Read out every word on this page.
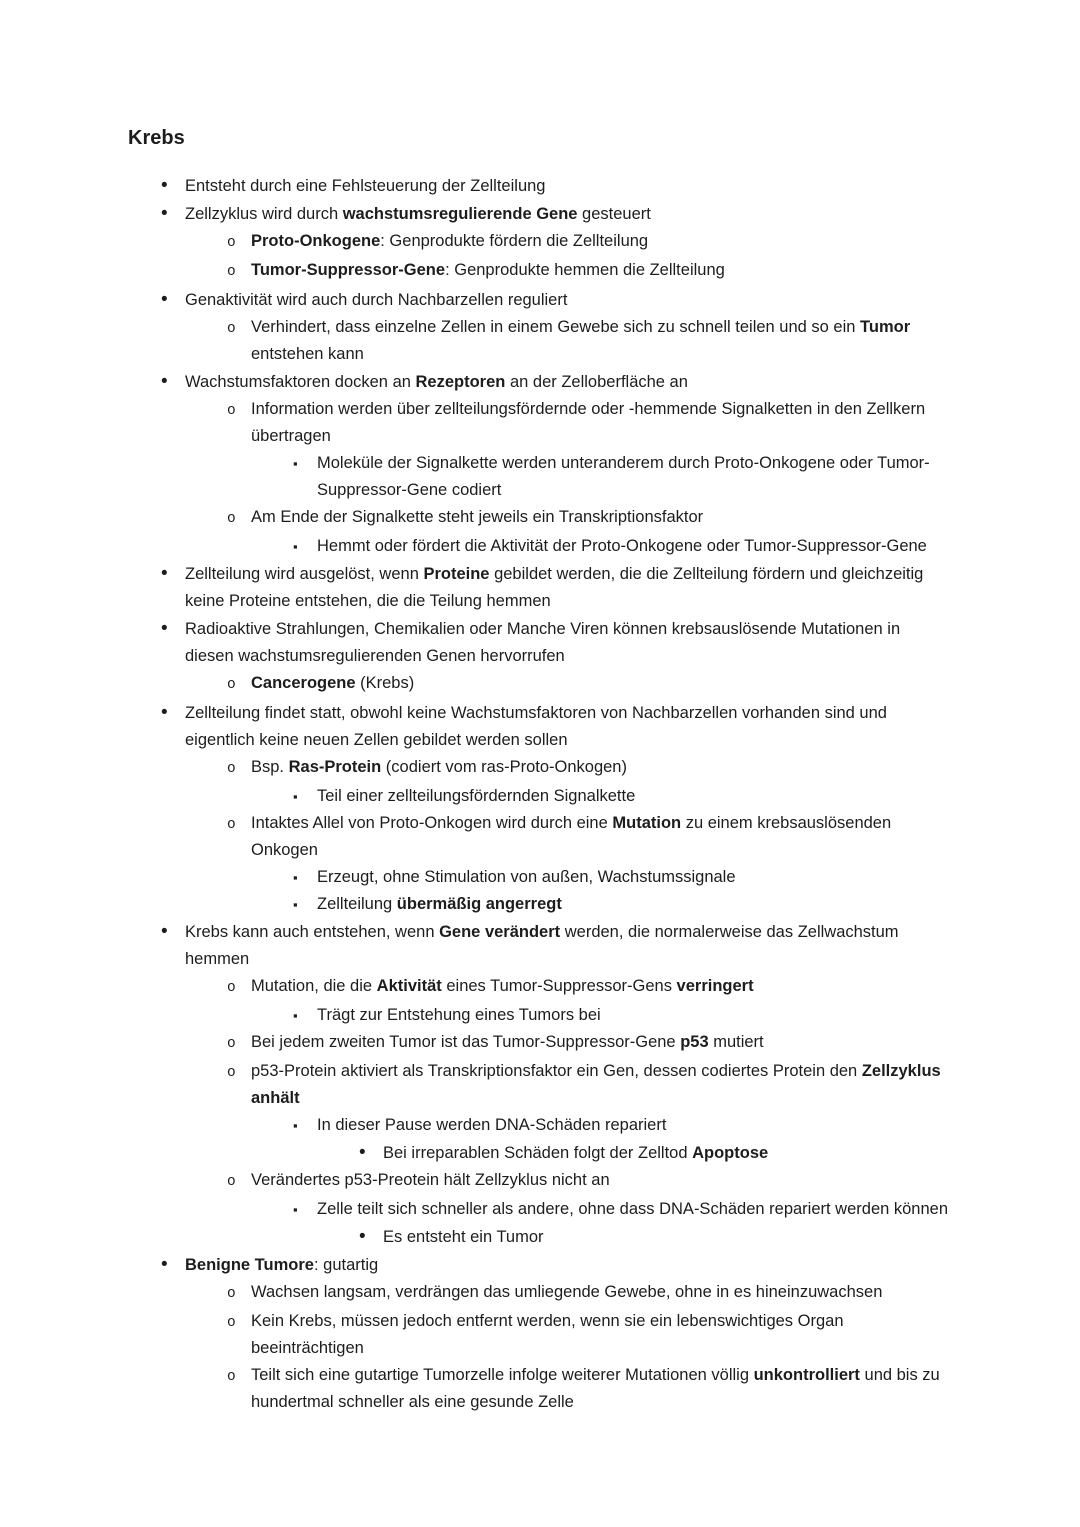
Krebs
•	Entsteht durch eine Fehlsteuerung der Zellteilung
•	Zellzyklus wird durch wachstumsregulierende Gene gesteuert
o Proto-Onkogene: Genprodukte fördern die Zellteilung
o Tumor-Suppressor-Gene: Genprodukte hemmen die Zellteilung
•	Genaktivität wird auch durch Nachbarzellen reguliert
o Verhindert, dass einzelne Zellen in einem Gewebe sich zu schnell teilen und so ein Tumor entstehen kann
•	Wachstumsfaktoren docken an Rezeptoren an der Zelloberfläche an
o Information werden über zellteilungsfördernde oder -hemmende Signalketten in den Zellkern übertragen
▪	Moleküle der Signalkette werden unteranderem durch Proto-Onkogene oder Tumor-Suppressor-Gene codiert
o Am Ende der Signalkette steht jeweils ein Transkriptionsfaktor
▪	Hemmt oder fördert die Aktivität der Proto-Onkogene oder Tumor-Suppressor-Gene
•	Zellteilung wird ausgelöst, wenn Proteine gebildet werden, die die Zellteilung fördern und gleichzeitig keine Proteine entstehen, die die Teilung hemmen
•	Radioaktive Strahlungen, Chemikalien oder Manche Viren können krebsauslösende Mutationen in diesen wachstumsregulierenden Genen hervorrufen
o Cancerogene (Krebs)
•	Zellteilung findet statt, obwohl keine Wachstumsfaktoren von Nachbarzellen vorhanden sind und eigentlich keine neuen Zellen gebildet werden sollen
o Bsp. Ras-Protein (codiert vom ras-Proto-Onkogen)
▪	Teil einer zellteilungsfördernden Signalkette
o Intaktes Allel von Proto-Onkogen wird durch eine Mutation zu einem krebsauslösenden Onkogen
▪	Erzeugt, ohne Stimulation von außen, Wachstumssignale
▪	Zellteilung übermäßig angerregt
•	Krebs kann auch entstehen, wenn Gene verändert werden, die normalerweise das Zellwachstum hemmen
o Mutation, die die Aktivität eines Tumor-Suppressor-Gens verringert
▪	Trägt zur Entstehung eines Tumors bei
o Bei jedem zweiten Tumor ist das Tumor-Suppressor-Gene p53 mutiert
o p53-Protein aktiviert als Transkriptionsfaktor ein Gen, dessen codiertes Protein den Zellzyklus anhält
▪	In dieser Pause werden DNA-Schäden repariert
•	Bei irreparablen Schäden folgt der Zelltod Apoptose
o Verändertes p53-Preotein hält Zellzyklus nicht an
▪	Zelle teilt sich schneller als andere, ohne dass DNA-Schäden repariert werden können
•	Es entsteht ein Tumor
•	Benigne Tumore: gutartig
o Wachsen langsam, verdrängen das umliegende Gewebe, ohne in es hineinzuwachsen
o Kein Krebs, müssen jedoch entfernt werden, wenn sie ein lebenswichtiges Organ beeinträchtigen
o Teilt sich eine gutartige Tumorzelle infolge weiterer Mutationen völlig unkontrolliert und bis zu hundertmal schneller als eine gesunde Zelle
